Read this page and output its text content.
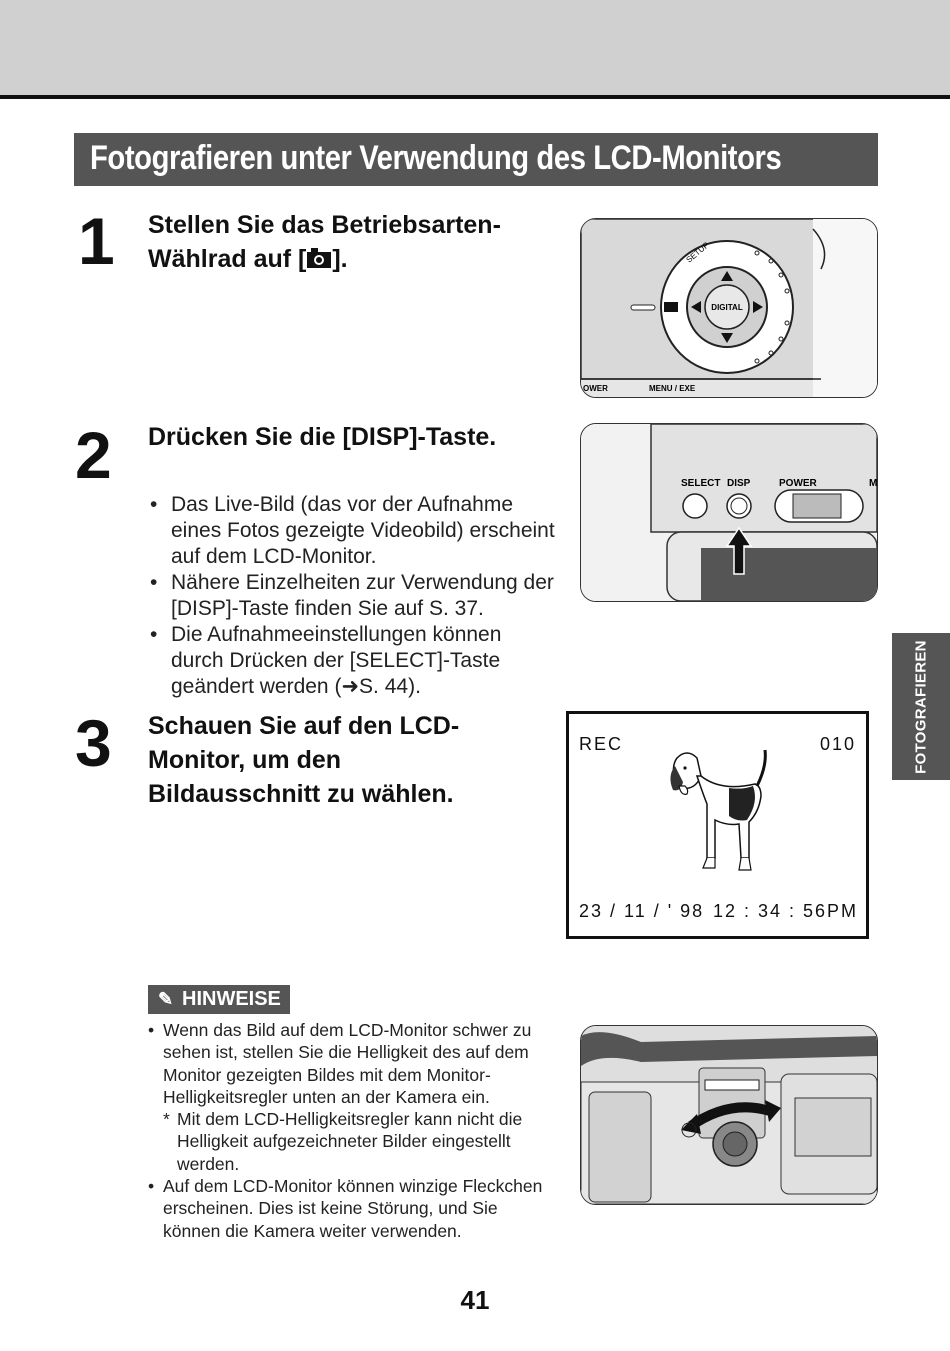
Fotografieren unter Verwendung des LCD-Monitors
1 Stellen Sie das Betriebsarten-
Wählrad auf [ ].
DIGITAL
SETUP
OWER	MENU / EXE
2 Drücken Sie die [DISP]-Taste.
• Das Live-Bild (das vor der Aufnahme eines Fotos gezeigte Videobild) erscheint auf dem LCD-Monitor.
• Nähere Einzelheiten zur Verwendung der [DISP]-Taste finden Sie auf S. 37.
• Die Aufnahmeeinstellungen können durch Drücken der [SELECT]-Taste geändert werden (➜S. 44).
SELECT DISP	POWER	M
3 Schauen Sie auf den LCD-
Monitor, um den
Bildausschnitt zu wählen.
REC	010
23 / 11 / ' 98 12 : 34 : 56 PM
FOTOGRAFIEREN
✎ HINWEISE
• Wenn das Bild auf dem LCD-Monitor schwer zu sehen ist, stellen Sie die Helligkeit des auf dem Monitor gezeigten Bildes mit dem Monitor-Helligkeitsregler unten an der Kamera ein.
* Mit dem LCD-Helligkeitsregler kann nicht die Helligkeit aufgezeichneter Bilder eingestellt werden.
• Auf dem LCD-Monitor können winzige Fleckchen erscheinen. Dies ist keine Störung, und Sie können die Kamera weiter verwenden.
41
